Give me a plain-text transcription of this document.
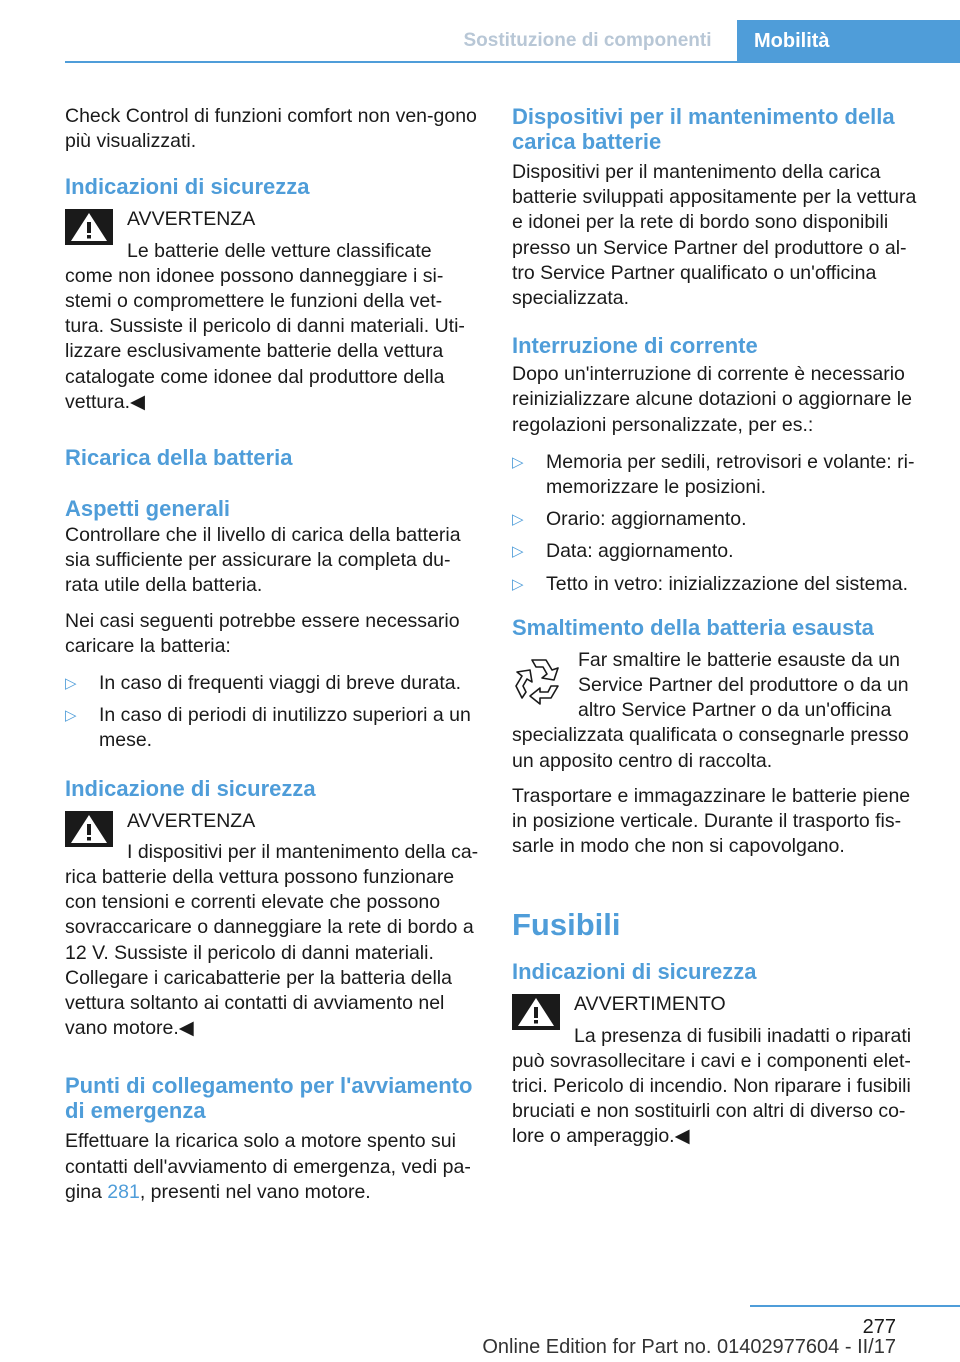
Sostituzione di componenti	Mobilità

Check Control di funzioni comfort non ven‐gono più visualizzati.

Indicazioni di sicurezza

AVVERTENZA

Le batterie delle vetture classificate come non idonee possono danneggiare i si‐stemi o compromettere le funzioni della vet‐tura. Sussiste il pericolo di danni materiali. Uti‐lizzare esclusivamente batterie della vettura catalogate come idonee dal produttore della vettura.◀

Ricarica della batteria
Aspetti generali

Controllare che il livello di carica della batteria sia sufficiente per assicurare la completa du‐rata utile della batteria.

Nei casi seguenti potrebbe essere necessario caricare la batteria:

▷ In caso di frequenti viaggi di breve durata.
▷ In caso di periodi di inutilizzo superiori a un mese.
Indicazione di sicurezza

AVVERTENZA

I dispositivi per il mantenimento della ca‐rica batterie della vettura possono funzionare con tensioni e correnti elevate che possono sovraccaricare o danneggiare la rete di bordo a 12 V. Sussiste il pericolo di danni materiali. Collegare i caricabatterie per la batteria della vettura soltanto ai contatti di avviamento nel vano motore.◀

Punti di collegamento per l'avviamento di emergenza

Effettuare la ricarica solo a motore spento sui contatti dell'avviamento di emergenza, vedi pa‐gina 281, presenti nel vano motore.

Dispositivi per il mantenimento della carica batterie

Dispositivi per il mantenimento della carica batterie sviluppati appositamente per la vettura e idonei per la rete di bordo sono disponibili presso un Service Partner del produttore o al‐tro Service Partner qualificato o un'officina specializzata.

Interruzione di corrente

Dopo un'interruzione di corrente è necessario reinizializzare alcune dotazioni o aggiornare le regolazioni personalizzate, per es.:

▷ Memoria per sedili, retrovisori e volante: ri‐memorizzare le posizioni.
▷ Orario: aggiornamento.
▷ Data: aggiornamento.
▷ Tetto in vetro: inizializzazione del sistema.
Smaltimento della batteria esausta

Far smaltire le batterie esauste da un Service Partner del produttore o da un altro Service Partner o da un'officina specializzata qualificata o consegnarle presso un apposito centro di raccolta.

Trasportare e immagazzinare le batterie piene in posizione verticale. Durante il trasporto fis‐sarle in modo che non si capovolgano.

Fusibili
Indicazioni di sicurezza

AVVERTIMENTO

La presenza di fusibili inadatti o riparati può sovrasollecitare i cavi e i componenti elet‐trici. Pericolo di incendio. Non riparare i fusibili bruciati e non sostituirli con altri di diverso co‐lore o amperaggio.◀

277
Online Edition for Part no. 01402977604 - II/17
